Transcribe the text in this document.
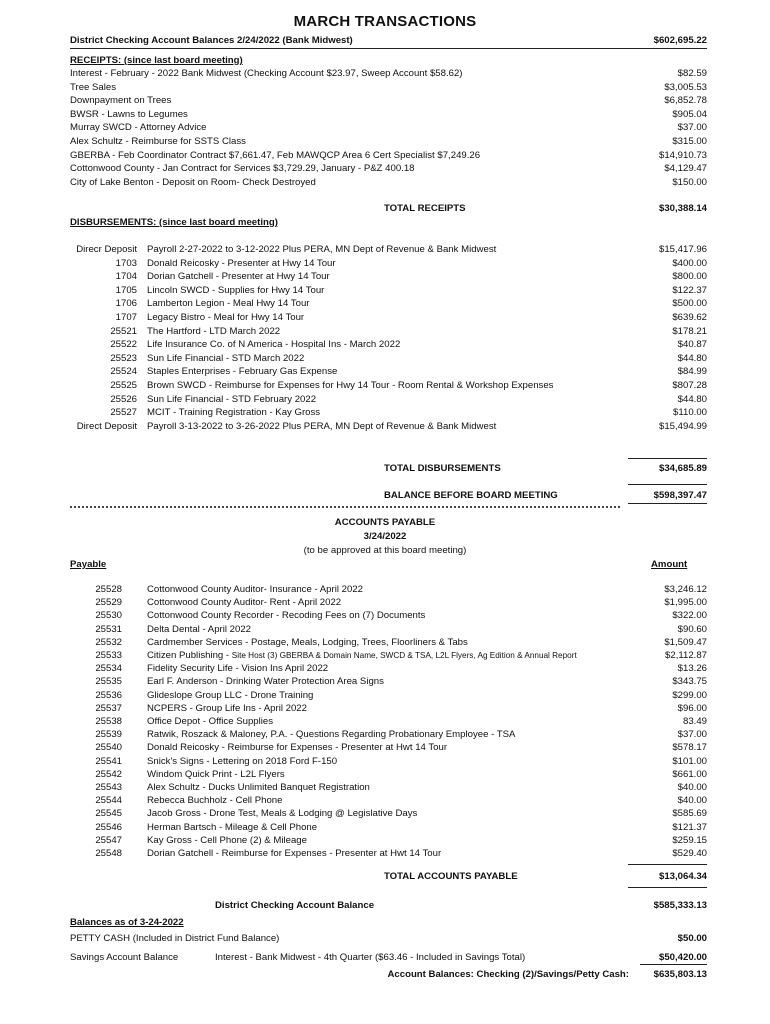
MARCH TRANSACTIONS
District Checking Account Balances 2/24/2022 (Bank Midwest)	$602,695.22
RECEIPTS: (since last board meeting)
Interest - February - 2022 Bank Midwest (Checking Account $23.97, Sweep Account $58.62)	$82.59
Tree Sales	$3,005.53
Downpayment on Trees	$6,852.78
BWSR - Lawns to Legumes	$905.04
Murray SWCD - Attorney Advice	$37.00
Alex Schultz - Reimburse for SSTS Class	$315.00
GBERBA - Feb Coordinator Contract $7,661.47, Feb MAWQCP Area 6 Cert Specialist $7,249.26	$14,910.73
Cottonwood County - Jan Contract for Services $3,729.29, January - P&Z 400.18	$4,129.47
City of Lake Benton - Deposit on Room- Check Destroyed	$150.00
TOTAL RECEIPTS	$30,388.14
DISBURSEMENTS: (since last board meeting)
Direcr Deposit Payroll 2-27-2022 to 3-12-2022 Plus PERA, MN Dept of Revenue & Bank Midwest	$15,417.96
1703 Donald Reicosky - Presenter at Hwy 14 Tour	$400.00
1704 Dorian Gatchell - Presenter at Hwy 14 Tour	$800.00
1705 Lincoln SWCD - Supplies for Hwy 14 Tour	$122.37
1706 Lamberton Legion - Meal Hwy 14 Tour	$500.00
1707 Legacy Bistro - Meal for Hwy 14 Tour	$639.62
25521 The Hartford - LTD March 2022	$178.21
25522 Life Insurance Co. of N America - Hospital Ins - March 2022	$40.87
25523 Sun Life Financial - STD March 2022	$44.80
25524 Staples Enterprises - February Gas Expense	$84.99
25525 Brown SWCD - Reimburse for Expenses for Hwy 14 Tour - Room Rental & Workshop Expenses	$807.28
25526 Sun Life Financial - STD February 2022	$44.80
25527 MCIT - Training Registration - Kay Gross	$110.00
Direct Deposit Payroll 3-13-2022 to 3-26-2022 Plus PERA, MN Dept of Revenue & Bank Midwest	$15,494.99
TOTAL DISBURSEMENTS	$34,685.89
BALANCE BEFORE BOARD MEETING	$598,397.47
ACCOUNTS PAYABLE
3/24/2022
(to be approved at this board meeting)
Payable	Amount
25528	Cottonwood County Auditor- Insurance - April 2022	$3,246.12
25529	Cottonwood County Auditor- Rent - April 2022	$1,995.00
25530	Cottonwood County Recorder - Recoding Fees on (7) Documents	$322.00
25531	Delta Dental - April 2022	$90.60
25532	Cardmember Services - Postage, Meals, Lodging, Trees, Floorliners & Tabs	$1,509.47
25533	Citizen Publishing - Site Host (3) GBERBA & Domain Name, SWCD & TSA, L2L Flyers, Ag Edition & Annual Report	$2,112.87
25534	Fidelity Security Life - Vision Ins April 2022	$13.26
25535	Earl F. Anderson - Drinking Water Protection Area Signs	$343.75
25536	Glideslope Group LLC - Drone Training	$299.00
25537	NCPERS - Group Life Ins - April 2022	$96.00
25538	Office Depot - Office Supplies	83.49
25539	Ratwik, Roszack & Maloney, P.A. - Questions Regarding Probationary Employee - TSA	$37.00
25540	Donald Reicosky - Reimburse for Expenses - Presenter at Hwt 14 Tour	$578.17
25541	Snick's Signs - Lettering on 2018 Ford F-150	$101.00
25542	Windom Quick Print - L2L Flyers	$661.00
25543	Alex Schultz - Ducks Unlimited Banquet Registration	$40.00
25544	Rebecca Buchholz - Cell Phone	$40.00
25545	Jacob Gross - Drone Test, Meals & Lodging @ Legislative Days	$585.69
25546	Herman Bartsch - Mileage & Cell Phone	$121.37
25547	Kay Gross - Cell Phone (2) & Mileage	$259.15
25548	Dorian Gatchell - Reimburse for Expenses - Presenter at Hwt 14 Tour	$529.40
TOTAL ACCOUNTS PAYABLE	$13,064.34
District Checking Account Balance	$585,333.13
Balances as of 3-24-2022
PETTY CASH (Included in District Fund Balance)	$50.00
Savings Account Balance	Interest - Bank Midwest - 4th Quarter ($63.46 - Included in Savings Total)	$50,420.00
Account Balances: Checking (2)/Savings/Petty Cash:	$635,803.13
